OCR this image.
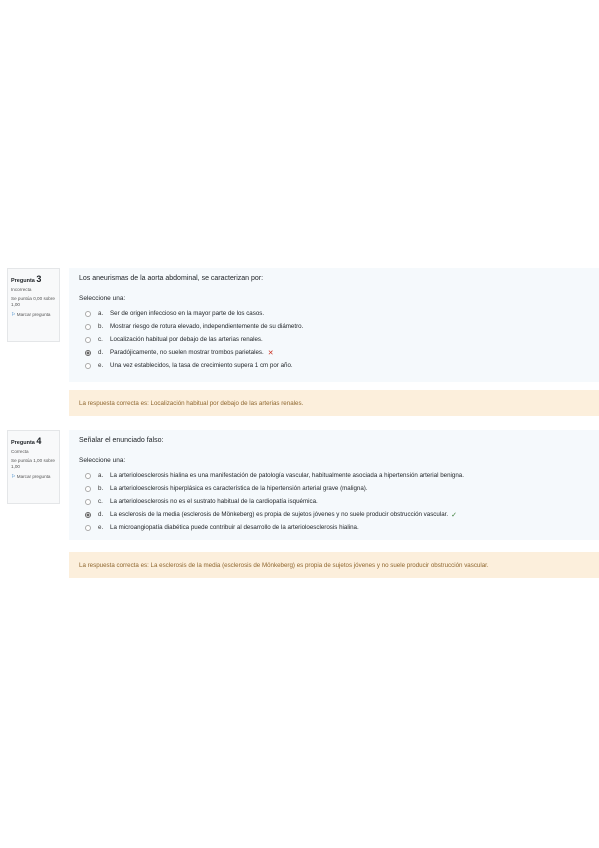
Pregunta 3
Incorrecta
Se puntúa 0,00 sobre 1,00
⚐ Marcar pregunta
Los aneurismas de la aorta abdominal, se caracterizan por:
Seleccione una:
a.	Ser de origen infeccioso en la mayor parte de los casos.
b.	Mostrar riesgo de rotura elevado, independientemente de su diámetro.
c.	Localización habitual por debajo de las arterias renales.
d.	Paradójicamente, no suelen mostrar trombos parietales. ✕
e.	Una vez establecidos, la tasa de crecimiento supera 1 cm por año.
La respuesta correcta es: Localización habitual por debajo de las arterias renales.
Pregunta 4
Correcta
Se puntúa 1,00 sobre 1,00
⚐ Marcar pregunta
Señalar el enunciado falso:
Seleccione una:
a.	La arterioloesclerosis hialina es una manifestación de patología vascular, habitualmente asociada a hipertensión arterial benigna.
b.	La arterioloesclerosis hiperplásica es característica de la hipertensión arterial grave (maligna).
c.	La arterioloesclerosis no es el sustrato habitual de la cardiopatía isquémica.
d.	La esclerosis de la media (esclerosis de Mönkeberg) es propia de sujetos jóvenes y no suele producir obstrucción vascular. ✓
e.	La microangiopatía diabética puede contribuir al desarrollo de la arterioloesclerosis hialina.
La respuesta correcta es: La esclerosis de la media (esclerosis de Mönkeberg) es propia de sujetos jóvenes y no suele producir obstrucción vascular.
